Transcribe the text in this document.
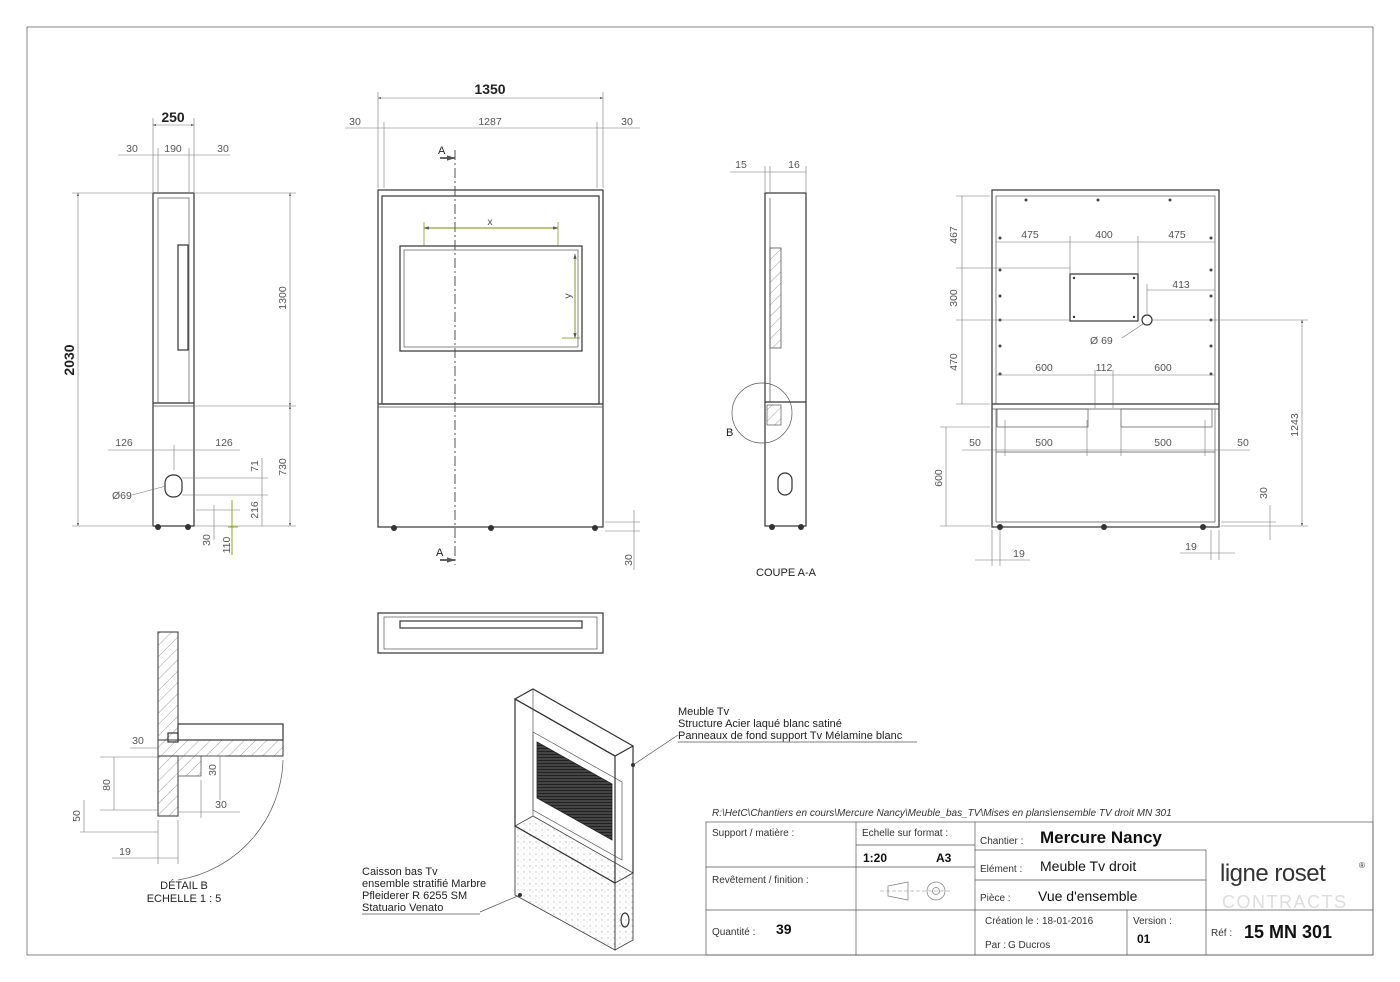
250
30	190	30
2030
1300
730
126	126
Ø69
71
216
30 110
A
A
x
y
1350
30	1287	30
30
B
15	16
COUPE A-A
467
300
470
600
475	400	475
413
Ø 69
600	112	600
50	500	500	50
1243
30
19
19
30
80
50
30
30
19
DÉTAIL B
ECHELLE 1 : 5
Meuble Tv
Structure Acier laqué blanc satiné
Panneaux de fond support Tv Mélamine blanc
Caisson bas Tv
ensemble stratifié Marbre
Pfleiderer R 6255 SM
Statuario Venato
R:\HetC\Chantiers en cours\Mercure Nancy\Meuble_bas_TV\Mises en plans\ensemble TV droit MN 301
Support / matière :	Echelle sur format :
1:20	A3
Revêtement / finition :
Quantité : 39
Chantier : Mercure Nancy
Elément : Meuble Tv droit
Pièce : Vue d'ensemble
Création le : 18-01-2016
Par : G Ducros
Version :
01	Réf : 15 MN 301
ligne roset	®
CONTRACTS
